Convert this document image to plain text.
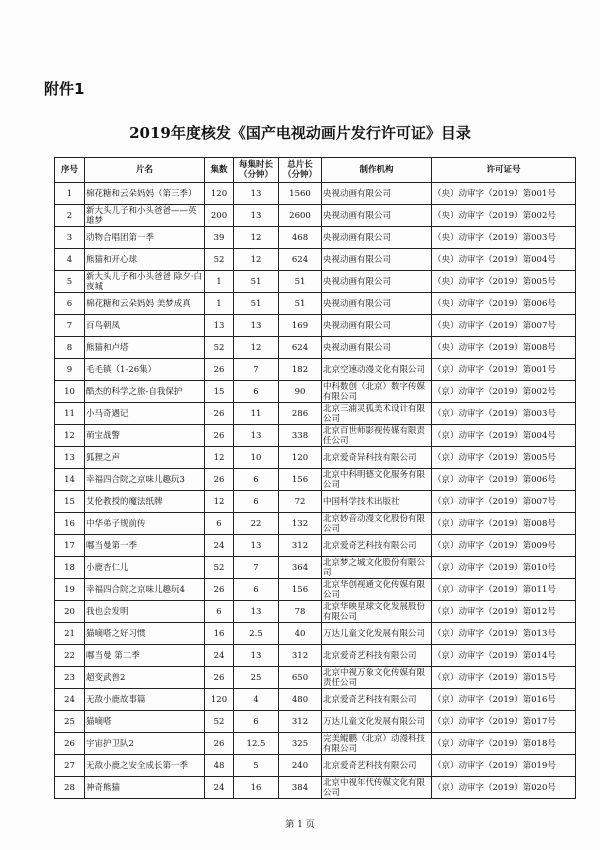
附件1
2019年度核发《国产电视动画片发行许可证》目录
序号	片名	集数	每集时长（分钟）	总片长（分钟）	制作机构	许可证号
1	棉花糖和云朵妈妈（第三季）	120	13	1560	央视动画有限公司	（央）动审字（2019）第001号
2	新大头儿子和小头爸爸——英雄梦	200	13	2600	央视动画有限公司	（央）动审字（2019）第002号
3	动物合唱团第一季	39	12	468	央视动画有限公司	（央）动审字（2019）第003号
4	熊猫和开心球	52	12	624	央视动画有限公司	（央）动审字（2019）第004号
5	新大头儿子和小头爸爸 除夕·白夜城	1	51	51	央视动画有限公司	（央）动审字（2019）第005号
6	棉花糖和云朵妈妈 美梦成真	1	51	51	央视动画有限公司	（央）动审字（2019）第006号
7	百鸟朝凤	13	13	169	央视动画有限公司	（央）动审字（2019）第007号
8	熊猫和卢塔	52	12	624	央视动画有限公司	（央）动审字（2019）第008号
9	毛毛镇（1-26集）	26	7	182	北京空速动漫文化有限公司	（京）动审字（2019）第001号
10	酷杰的科学之旅-自我保护	15	6	90	中科数创（北京）数字传媒有限公司	（京）动审字（2019）第002号
11	小马奇遇记	26	11	286	北京三浦灵狐美术设计有限公司	（京）动审字（2019）第003号
12	萌宝战警	26	13	338	北京百世师影视传媒有限责任公司	（京）动审字（2019）第004号
13	狐狸之声	12	10	120	北京爱奇异科技有限公司	（京）动审字（2019）第005号
14	幸福四合院之京味儿趣玩3	26	6	156	北京中科明德文化服务有限公司	（京）动审字（2019）第006号
15	艾伦教授的魔法纸牌	12	6	72	中国科学技术出版社	（京）动审字（2019）第007号
16	中华弟子规前传	6	22	132	北京妙音动漫文化股份有限公司	（京）动审字（2019）第008号
17	嘟当曼第一季	24	13	312	北京爱奇艺科技有限公司	（京）动审字（2019）第009号
18	小鹿杏仁儿	52	7	364	北京梦之城文化股份有限公司	（京）动审字（2019）第010号
19	幸福四合院之京味儿趣玩4	26	6	156	北京华创视通文化传媒有限公司	（京）动审字（2019）第011号
20	我也会发明	6	13	78	北京华映星球文化发展股份有限公司	（京）动审字（2019）第012号
21	猫嘀嗒之好习惯	16	2.5	40	万达儿童文化发展有限公司	（京）动审字（2019）第013号
22	嘟当曼 第二季	24	13	312	北京爱奇艺科技有限公司	（京）动审字（2019）第014号
23	超变武兽2	26	25	650	北京中视万象文化传媒有限责任公司	（京）动审字（2019）第015号
24	无敌小鹿故事篇	120	4	480	北京爱奇艺科技有限公司	（京）动审字（2019）第016号
25	猫嘀嗒	52	6	312	万达儿童文化发展有限公司	（京）动审字（2019）第017号
26	宇宙护卫队2	26	12.5	325	完美鲲鹏（北京）动漫科技有限公司	（京）动审字（2019）第018号
27	无敌小鹿之安全成长第一季	48	5	240	北京爱奇艺科技有限公司	（京）动审字（2019）第019号
28	神奇熊猫	24	16	384	北京中视年代传媒文化有限公司	（京）动审字（2019）第020号
第 1 页
